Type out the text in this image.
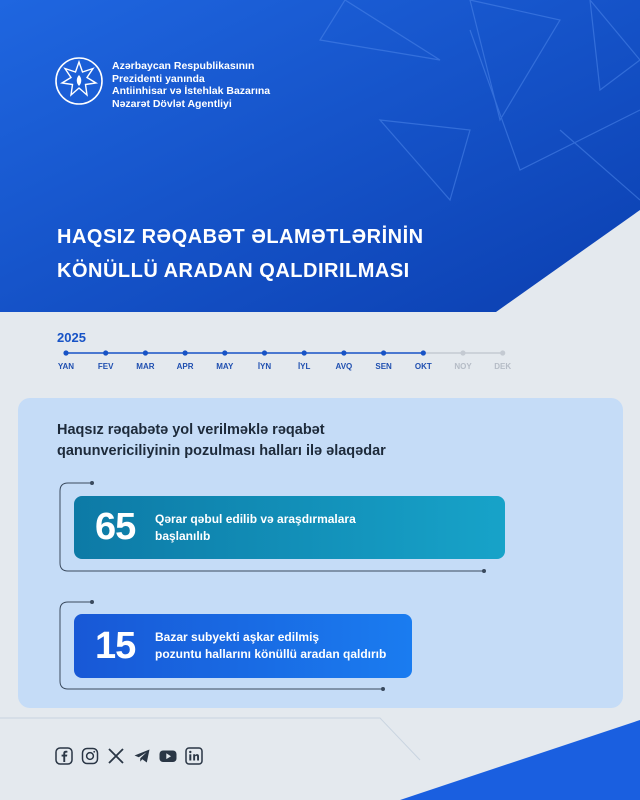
Azərbaycan Respublikasının
Prezidenti yanında
Antiinhisar və İstehlak Bazarına
Nəzarət Dövlət Agentliyi
HAQSIZ RƏQABƏT ƏLAMƏTLƏRİNİN
KÖNÜLLÜ ARADAN QALDIRILMASI
2025
YAN	FEV	MAR	APR	MAY	İYN	İYL	AVQ	SEN	OKT	NOY	DEK
Haqsız rəqabətə yol verilməklə rəqabət
qanunvericiliyinin pozulması halları ilə əlaqədar
65	Qərar qəbul edilib və araşdırmalara
başlanılıb
15	Bazar subyekti aşkar edilmiş
pozuntu hallarını könüllü aradan qaldırıb
